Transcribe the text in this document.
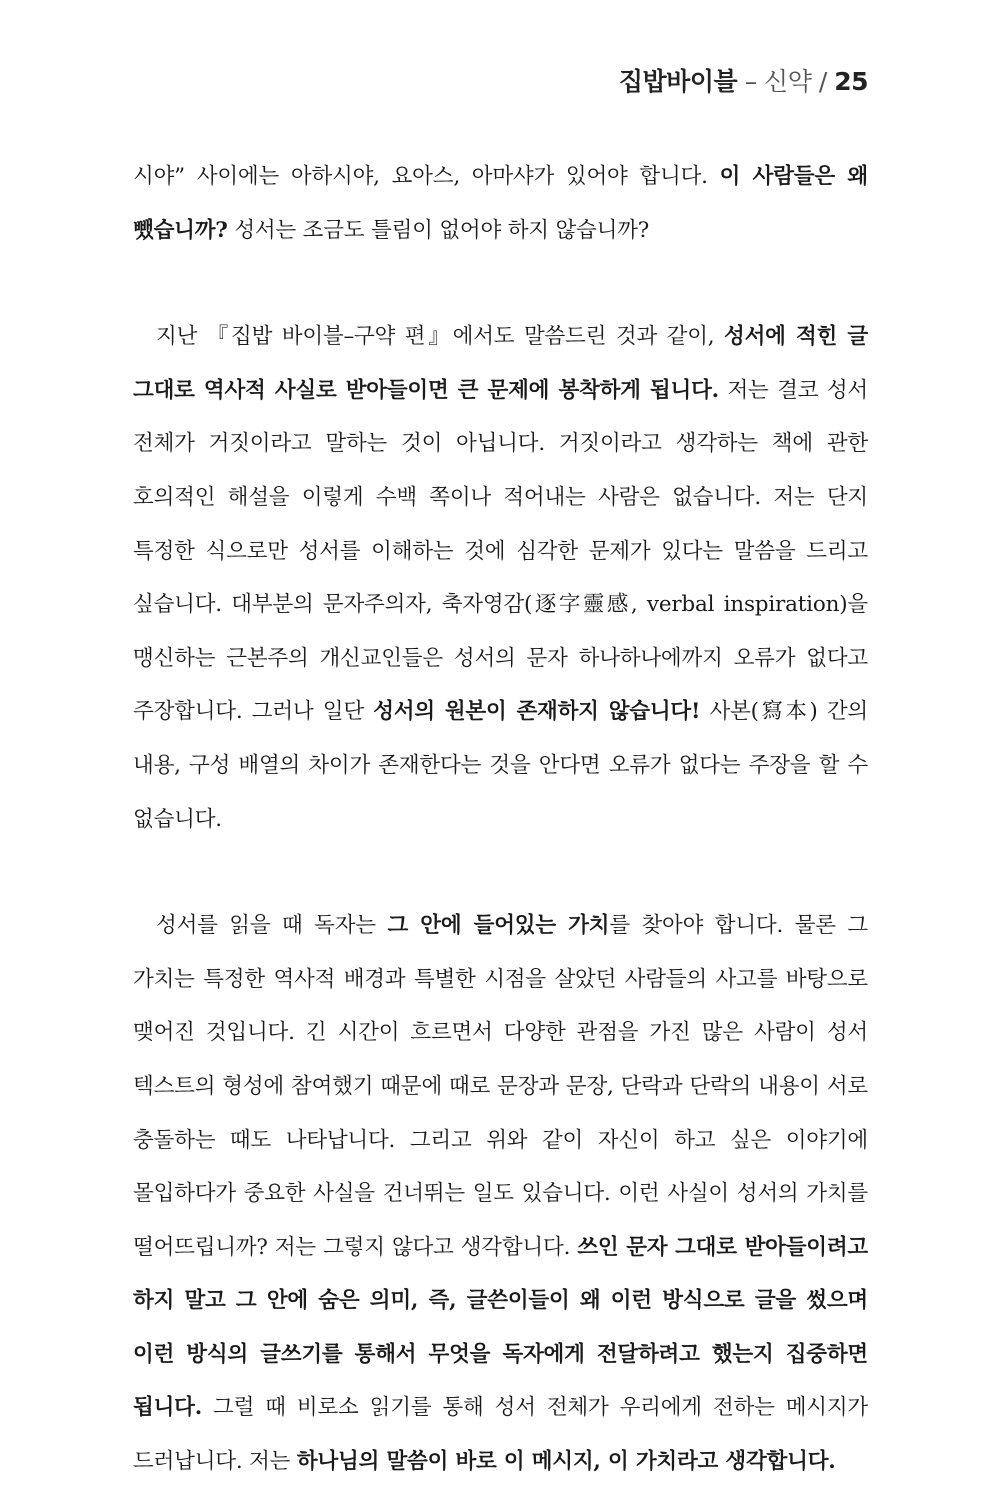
집밥바이블 – 신약 / 25

시야” 사이에는 아하시야, 요아스, 아마샤가 있어야 합니다. 이 사람들은 왜 뺐습니까? 성서는 조금도 틀림이 없어야 하지 않습니까?

지난 『집밥 바이블–구약 편』에서도 말씀드린 것과 같이, 성서에 적힌 글 그대로 역사적 사실로 받아들이면 큰 문제에 봉착하게 됩니다. 저는 결코 성서 전체가 거짓이라고 말하는 것이 아닙니다. 거짓이라고 생각하는 책에 관한 호의적인 해설을 이렇게 수백 쪽이나 적어내는 사람은 없습니다. 저는 단지 특정한 식으로만 성서를 이해하는 것에 심각한 문제가 있다는 말씀을 드리고 싶습니다. 대부분의 문자주의자, 축자영감(逐字靈感, verbal inspiration)을 맹신하는 근본주의 개신교인들은 성서의 문자 하나하나에까지 오류가 없다고 주장합니다. 그러나 일단 성서의 원본이 존재하지 않습니다! 사본(寫本) 간의 내용, 구성 배열의 차이가 존재한다는 것을 안다면 오류가 없다는 주장을 할 수 없습니다.

성서를 읽을 때 독자는 그 안에 들어있는 가치를 찾아야 합니다. 물론 그 가치는 특정한 역사적 배경과 특별한 시점을 살았던 사람들의 사고를 바탕으로 맺어진 것입니다. 긴 시간이 흐르면서 다양한 관점을 가진 많은 사람이 성서 텍스트의 형성에 참여했기 때문에 때로 문장과 문장, 단락과 단락의 내용이 서로 충돌하는 때도 나타납니다. 그리고 위와 같이 자신이 하고 싶은 이야기에 몰입하다가 중요한 사실을 건너뛰는 일도 있습니다. 이런 사실이 성서의 가치를 떨어뜨립니까? 저는 그렇지 않다고 생각합니다. 쓰인 문자 그대로 받아들이려고 하지 말고 그 안에 숨은 의미, 즉, 글쓴이들이 왜 이런 방식으로 글을 썼으며 이런 방식의 글쓰기를 통해서 무엇을 독자에게 전달하려고 했는지 집중하면 됩니다. 그럴 때 비로소 읽기를 통해 성서 전체가 우리에게 전하는 메시지가 드러납니다. 저는 하나님의 말씀이 바로 이 메시지, 이 가치라고 생각합니다.
